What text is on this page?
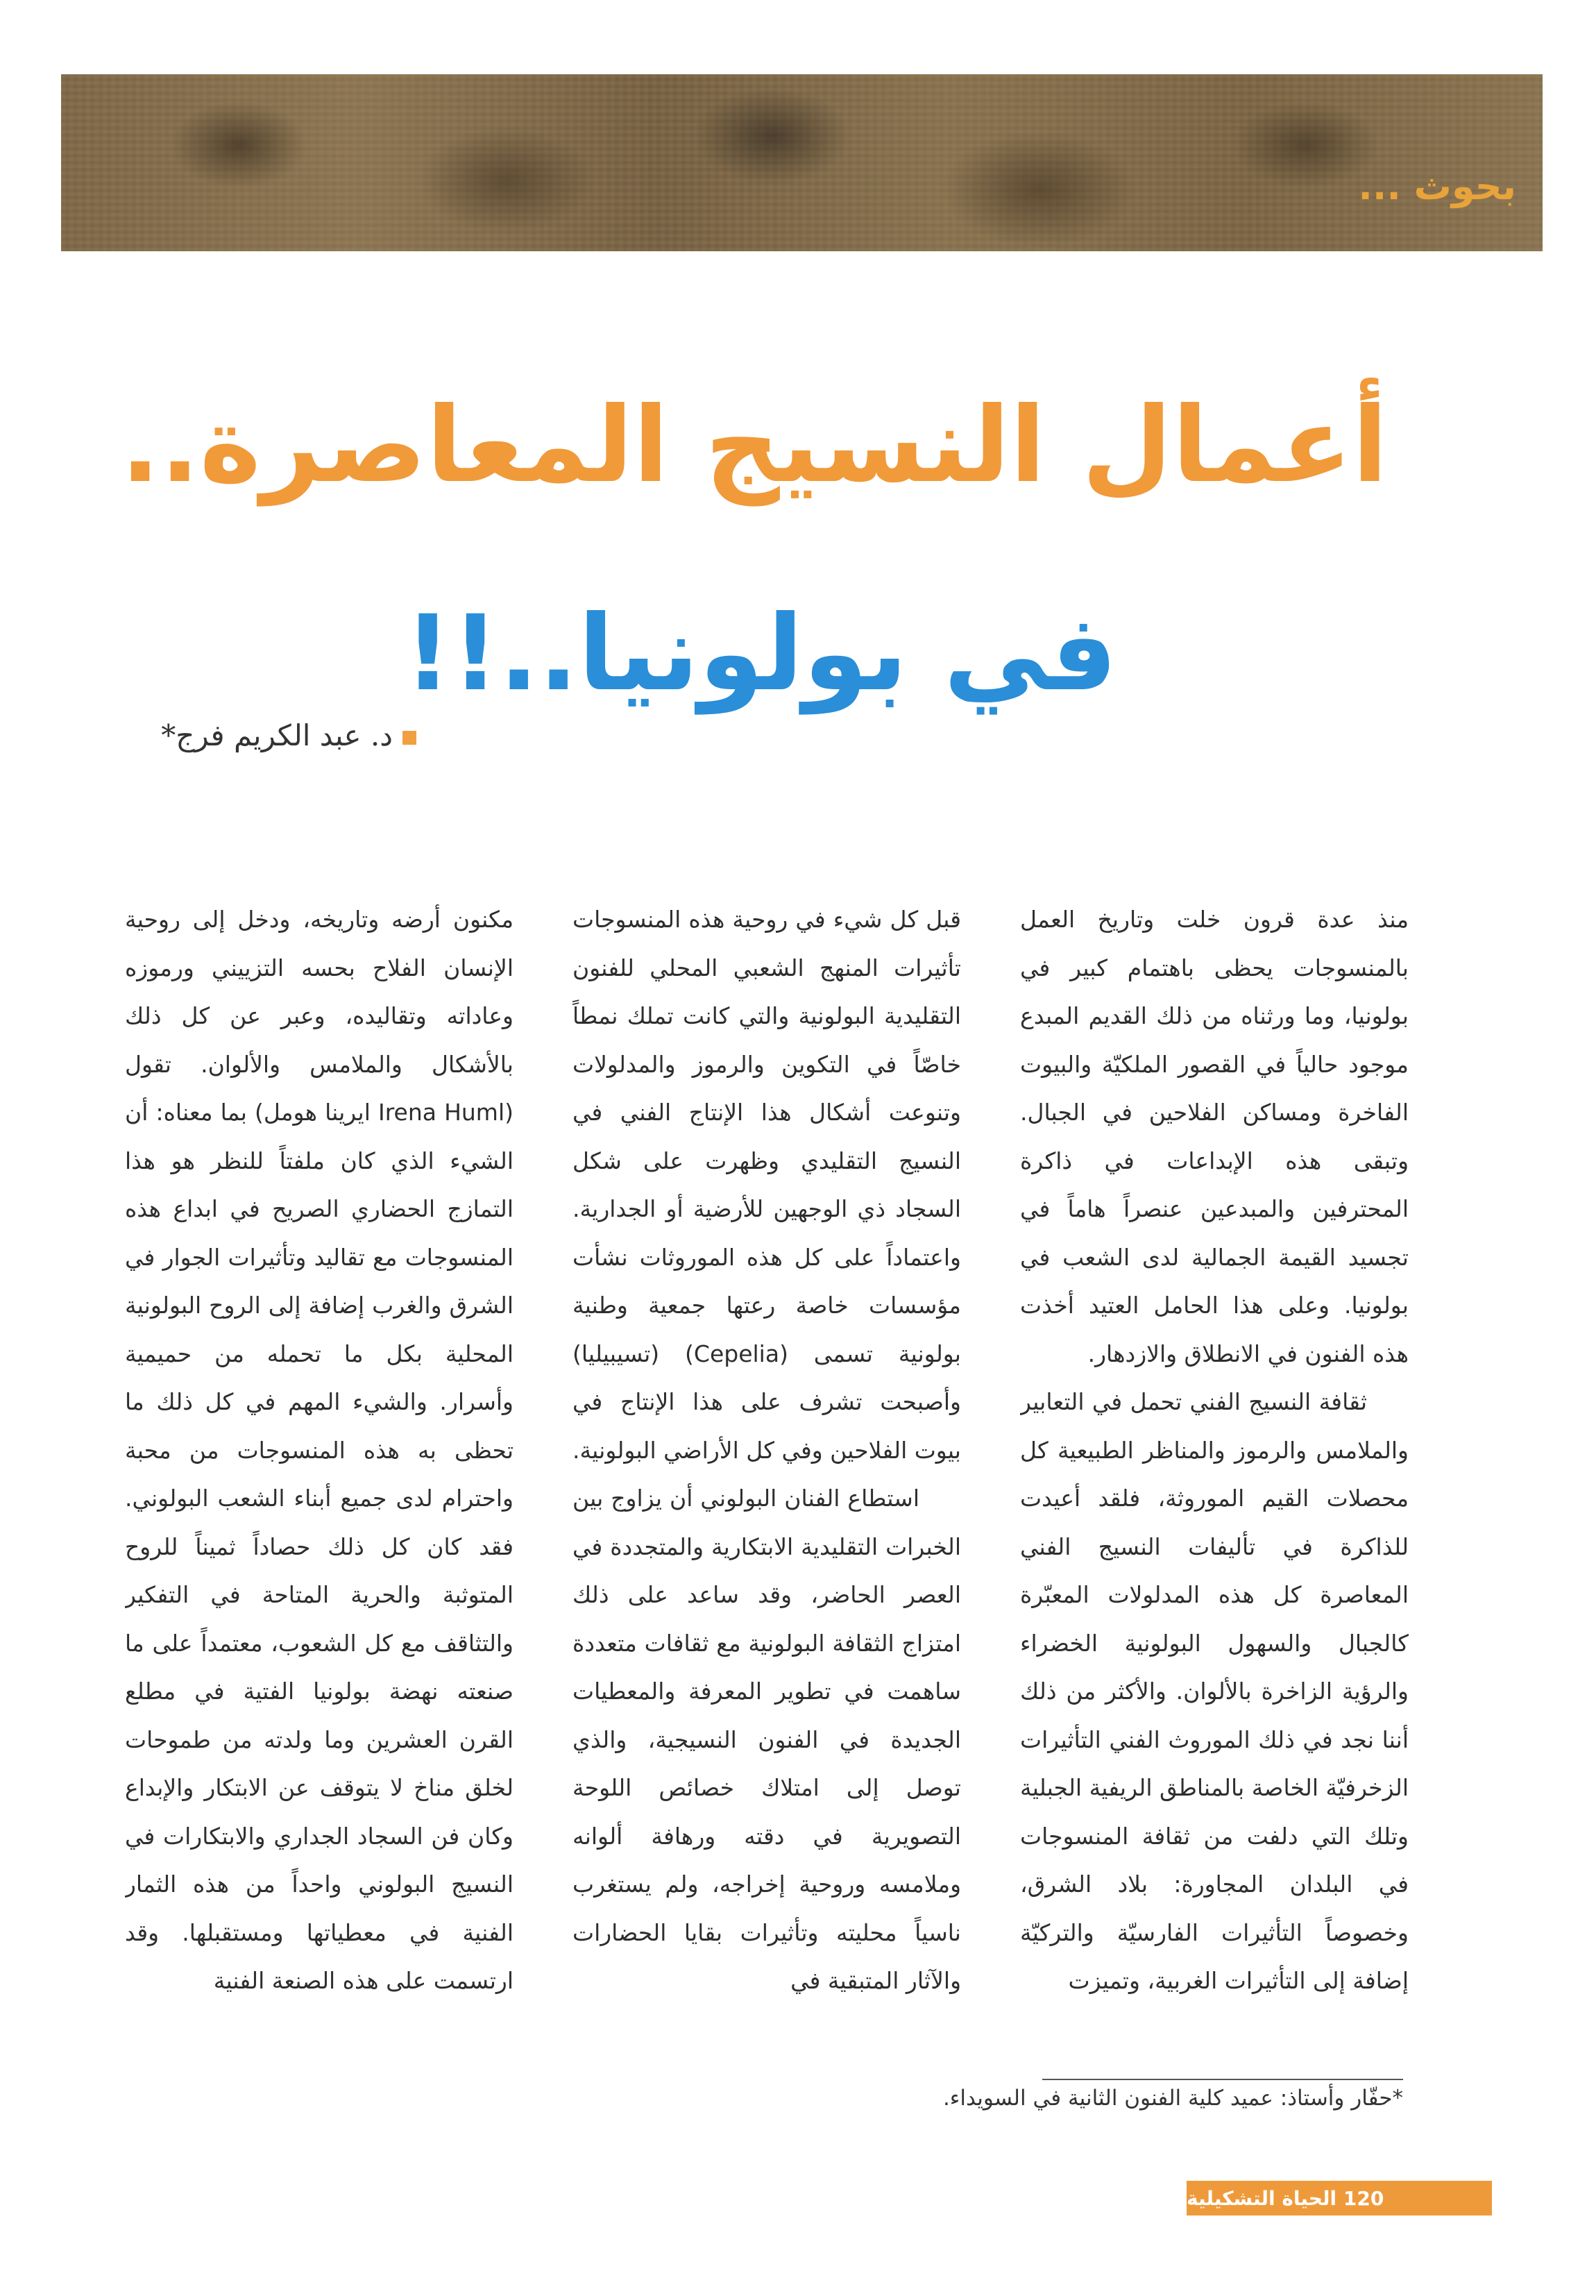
بحوث ...
أعمال النسيج المعاصرة..
في بولونيا..!!
د. عبد الكريم فرج*

منذ عدة قرون خلت وتاريخ العمل بالمنسوجات يحظى باهتمام كبير في بولونيا، وما ورثناه من ذلك القديم المبدع موجود حالياً في القصور الملكيّة والبيوت الفاخرة ومساكن الفلاحين في الجبال. وتبقى هذه الإبداعات في ذاكرة المحترفين والمبدعين عنصراً هاماً في تجسيد القيمة الجمالية لدى الشعب في بولونيا. وعلى هذا الحامل العتيد أخذت هذه الفنون في الانطلاق والازدهار.

ثقافة النسيج الفني تحمل في التعابير والملامس والرموز والمناظر الطبيعية كل محصلات القيم الموروثة، فلقد أعيدت للذاكرة في تأليفات النسيج الفني المعاصرة كل هذه المدلولات المعبّرة كالجبال والسهول البولونية الخضراء والرؤية الزاخرة بالألوان. والأكثر من ذلك أننا نجد في ذلك الموروث الفني التأثيرات الزخرفيّة الخاصة بالمناطق الريفية الجبلية وتلك التي دلفت من ثقافة المنسوجات في البلدان المجاورة: بلاد الشرق، وخصوصاً التأثيرات الفارسيّة والتركيّة إضافة إلى التأثيرات الغربية، وتميزت

قبل كل شيء في روحية هذه المنسوجات تأثيرات المنهج الشعبي المحلي للفنون التقليدية البولونية والتي كانت تملك نمطاً خاصّاً في التكوين والرموز والمدلولات وتنوعت أشكال هذا الإنتاج الفني في النسيج التقليدي وظهرت على شكل السجاد ذي الوجهين للأرضية أو الجدارية. واعتماداً على كل هذه الموروثات نشأت مؤسسات خاصة رعتها جمعية وطنية بولونية تسمى (Cepelia) (تسيبيليا) وأصبحت تشرف على هذا الإنتاج في بيوت الفلاحين وفي كل الأراضي البولونية.

استطاع الفنان البولوني أن يزاوج بين الخبرات التقليدية الابتكارية والمتجددة في العصر الحاضر، وقد ساعد على ذلك امتزاج الثقافة البولونية مع ثقافات متعددة ساهمت في تطوير المعرفة والمعطيات الجديدة في الفنون النسيجية، والذي توصل إلى امتلاك خصائص اللوحة التصويرية في دقته ورهافة ألوانه وملامسه وروحية إخراجه، ولم يستغرب ناسياً محليته وتأثيرات بقايا الحضارات والآثار المتبقية في

مكنون أرضه وتاريخه، ودخل إلى روحية الإنسان الفلاح بحسه التزييني ورموزه وعاداته وتقاليده، وعبر عن كل ذلك بالأشكال والملامس والألوان. تقول (Irena Huml ايرينا هومل) بما معناه: أن الشيء الذي كان ملفتاً للنظر هو هذا التمازج الحضاري الصريح في ابداع هذه المنسوجات مع تقاليد وتأثيرات الجوار في الشرق والغرب إضافة إلى الروح البولونية المحلية بكل ما تحمله من حميمية وأسرار. والشيء المهم في كل ذلك ما تحظى به هذه المنسوجات من محبة واحترام لدى جميع أبناء الشعب البولوني. فقد كان كل ذلك حصاداً ثميناً للروح المتوثبة والحرية المتاحة في التفكير والتثاقف مع كل الشعوب، معتمداً على ما صنعته نهضة بولونيا الفتية في مطلع القرن العشرين وما ولدته من طموحات لخلق مناخ لا يتوقف عن الابتكار والإبداع وكان فن السجاد الجداري والابتكارات في النسيج البولوني واحداً من هذه الثمار الفنية في معطياتها ومستقبلها. وقد ارتسمت على هذه الصنعة الفنية

*حفّار وأستاذ: عميد كلية الفنون الثانية في السويداء.
120 الحياة التشكيلية
